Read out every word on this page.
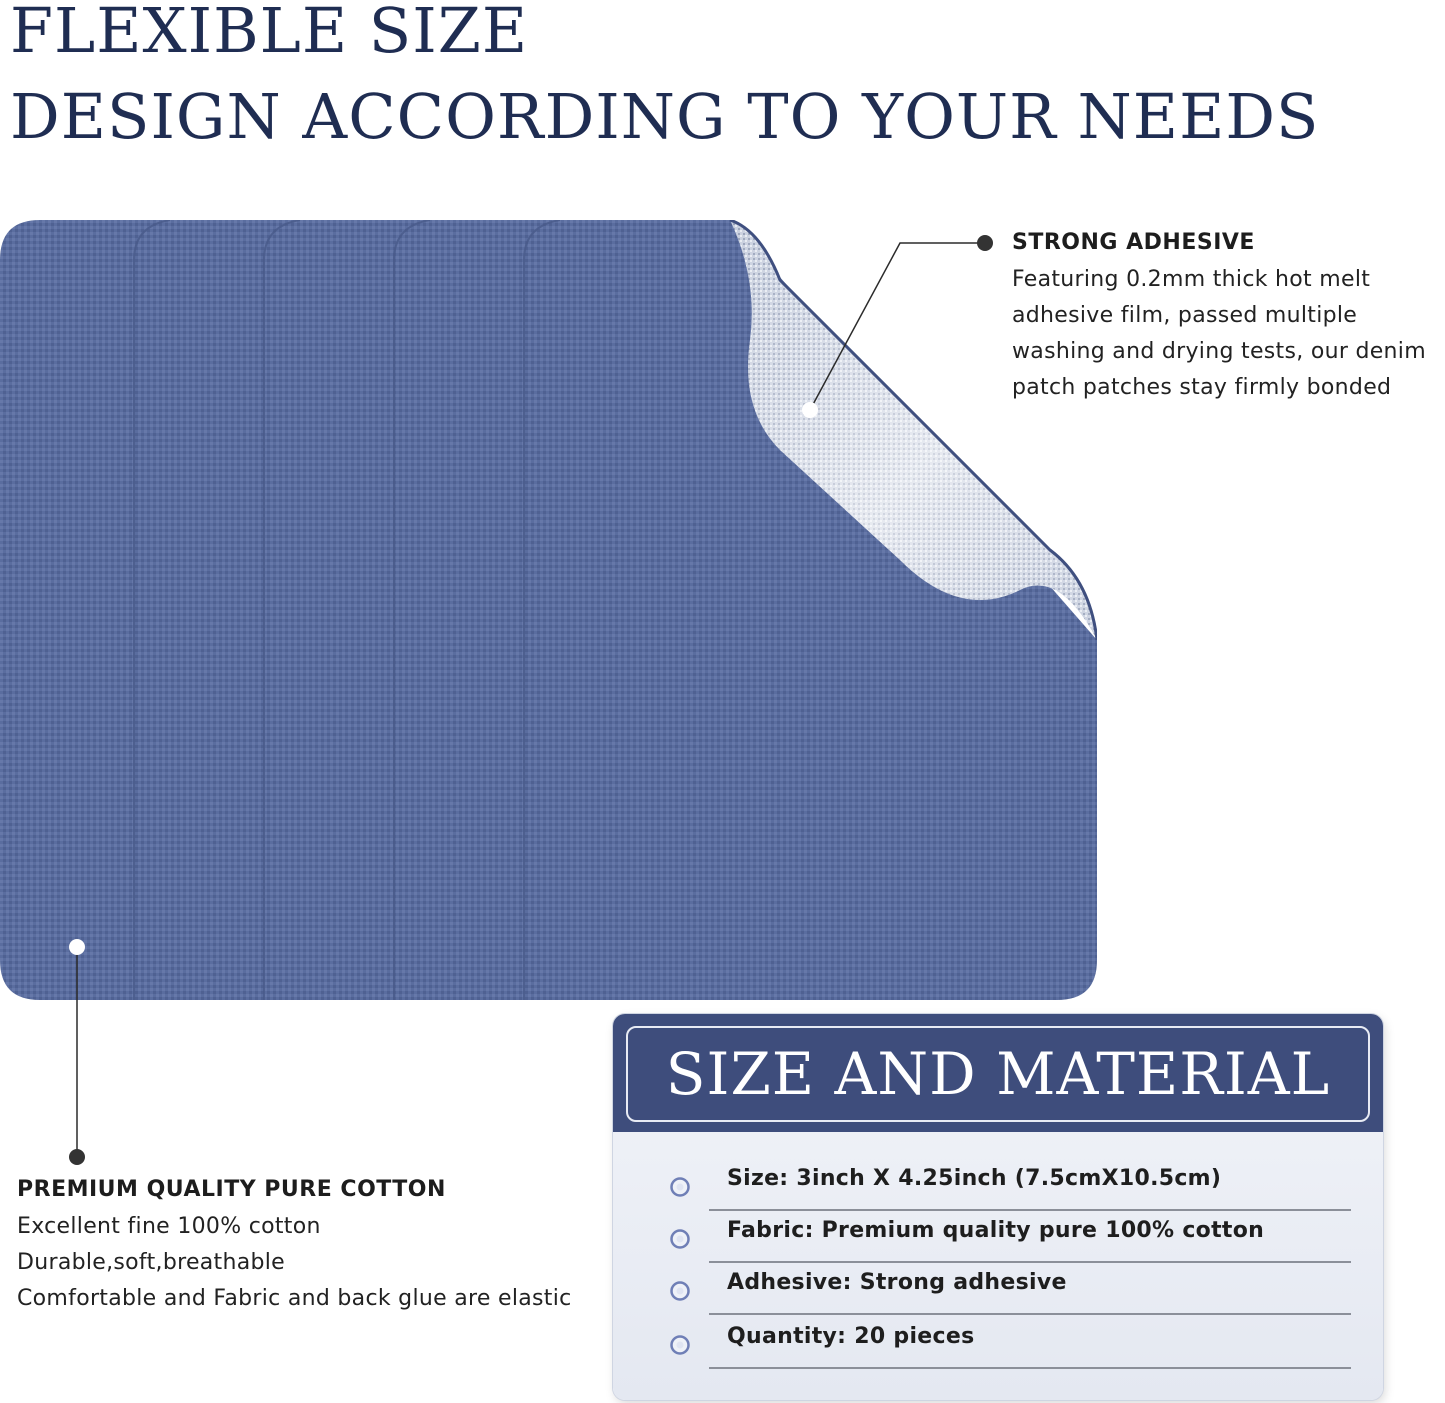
FLEXIBLE SIZE
DESIGN ACCORDING TO YOUR NEEDS

STRONG ADHESIVE

Featuring 0.2mm thick hot melt

adhesive film, passed multiple

washing and drying tests, our denim

patch patches stay firmly bonded

PREMIUM QUALITY PURE COTTON

Excellent fine 100% cotton

Durable,soft,breathable

Comfortable and Fabric and back glue are elastic

SIZE AND MATERIAL

Size: 3inch X 4.25inch (7.5cmX10.5cm)

Fabric: Premium quality pure 100% cotton

Adhesive: Strong adhesive

Quantity: 20 pieces
